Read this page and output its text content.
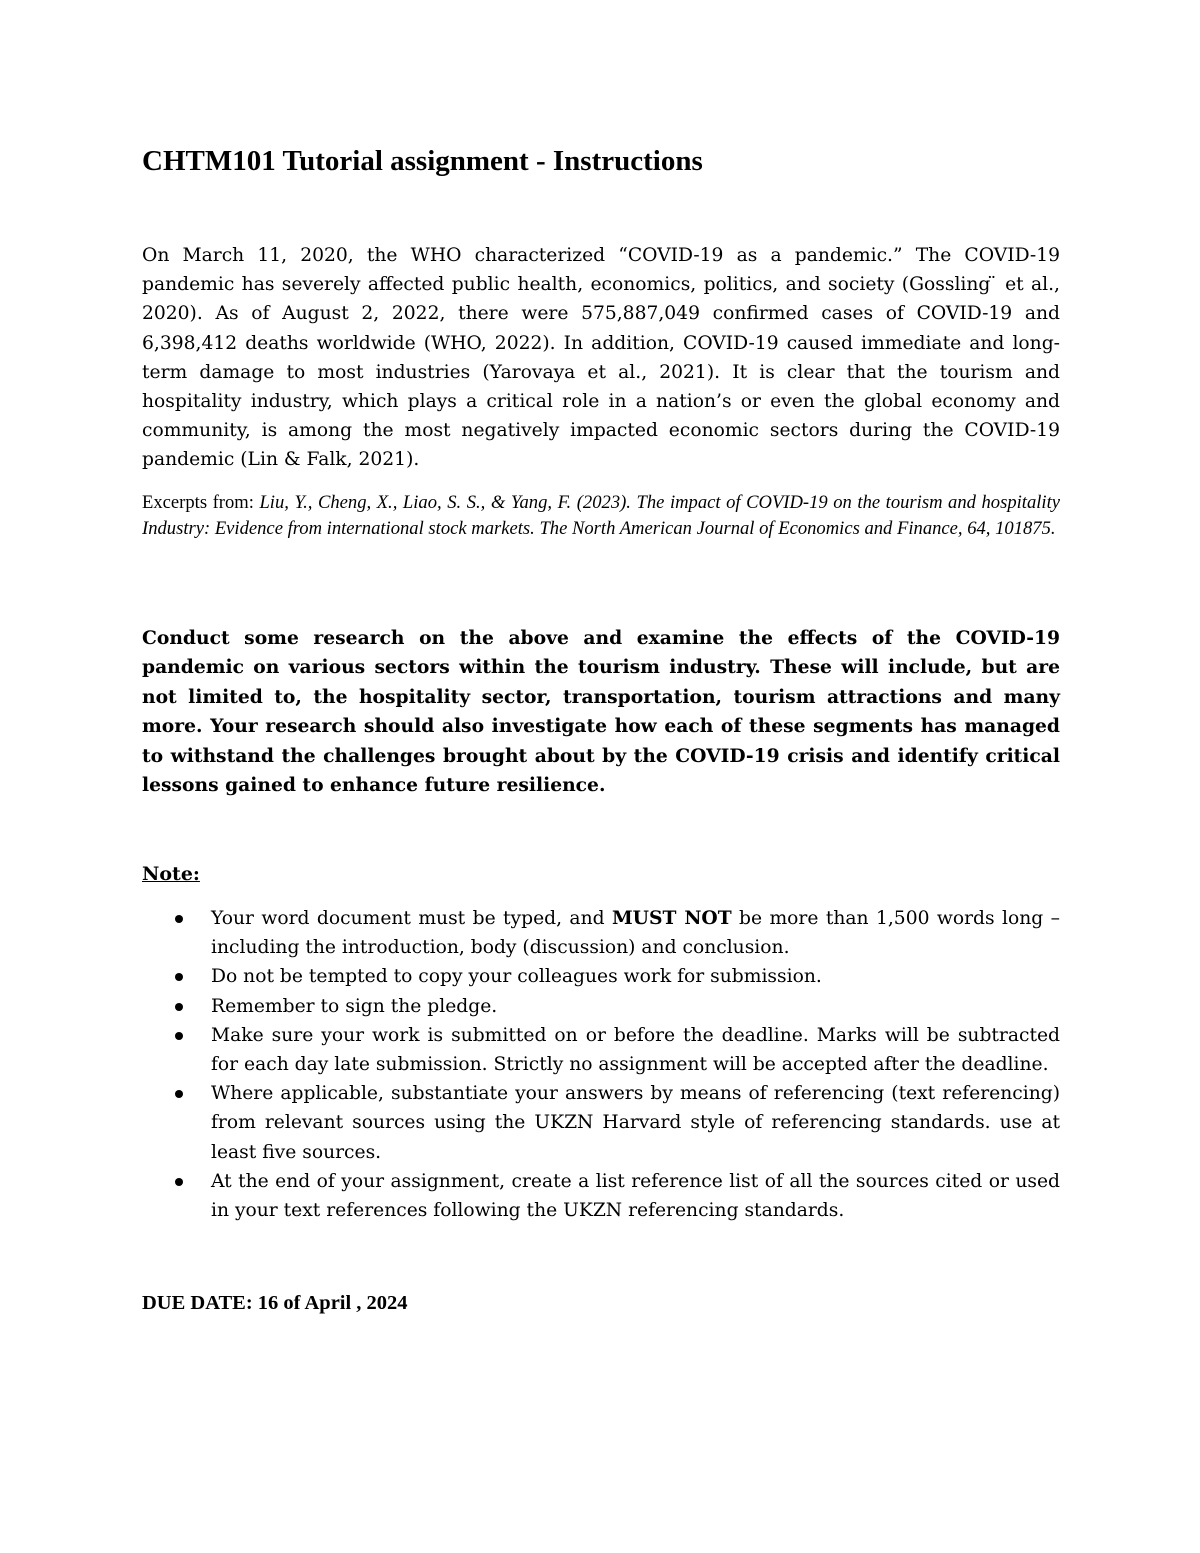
CHTM101 Tutorial assignment - Instructions

On March 11, 2020, the WHO characterized “COVID-19 as a pandemic.” The COVID-19 pandemic has severely affected public health, economics, politics, and society (Gossling ̈ et al., 2020). As of August 2, 2022, there were 575,887,049 confirmed cases of COVID-19 and 6,398,412 deaths worldwide (WHO, 2022). In addition, COVID-19 caused immediate and long-term damage to most industries (Yarovaya et al., 2021). It is clear that the tourism and hospitality industry, which plays a critical role in a nation’s or even the global economy and community, is among the most negatively impacted economic sectors during the COVID-19 pandemic (Lin & Falk, 2021).

Excerpts from: Liu, Y., Cheng, X., Liao, S. S., & Yang, F. (2023). The impact of COVID-19 on the tourism and hospitality Industry: Evidence from international stock markets. The North American Journal of Economics and Finance, 64, 101875.

Conduct some research on the above and examine the effects of the COVID-19 pandemic on various sectors within the tourism industry. These will include, but are not limited to, the hospitality sector, transportation, tourism attractions and many more. Your research should also investigate how each of these segments has managed to withstand the challenges brought about by the COVID-19 crisis and identify critical lessons gained to enhance future resilience.

Note:

Your word document must be typed, and MUST NOT be more than 1,500 words long – including the introduction, body (discussion) and conclusion.
Do not be tempted to copy your colleagues work for submission.
Remember to sign the pledge.
Make sure your work is submitted on or before the deadline. Marks will be subtracted for each day late submission. Strictly no assignment will be accepted after the deadline.
Where applicable, substantiate your answers by means of referencing (text referencing) from relevant sources using the UKZN Harvard style of referencing standards. use at least five sources.
At the end of your assignment, create a list reference list of all the sources cited or used in your text references following the UKZN referencing standards.

DUE DATE: 16 of April , 2024
